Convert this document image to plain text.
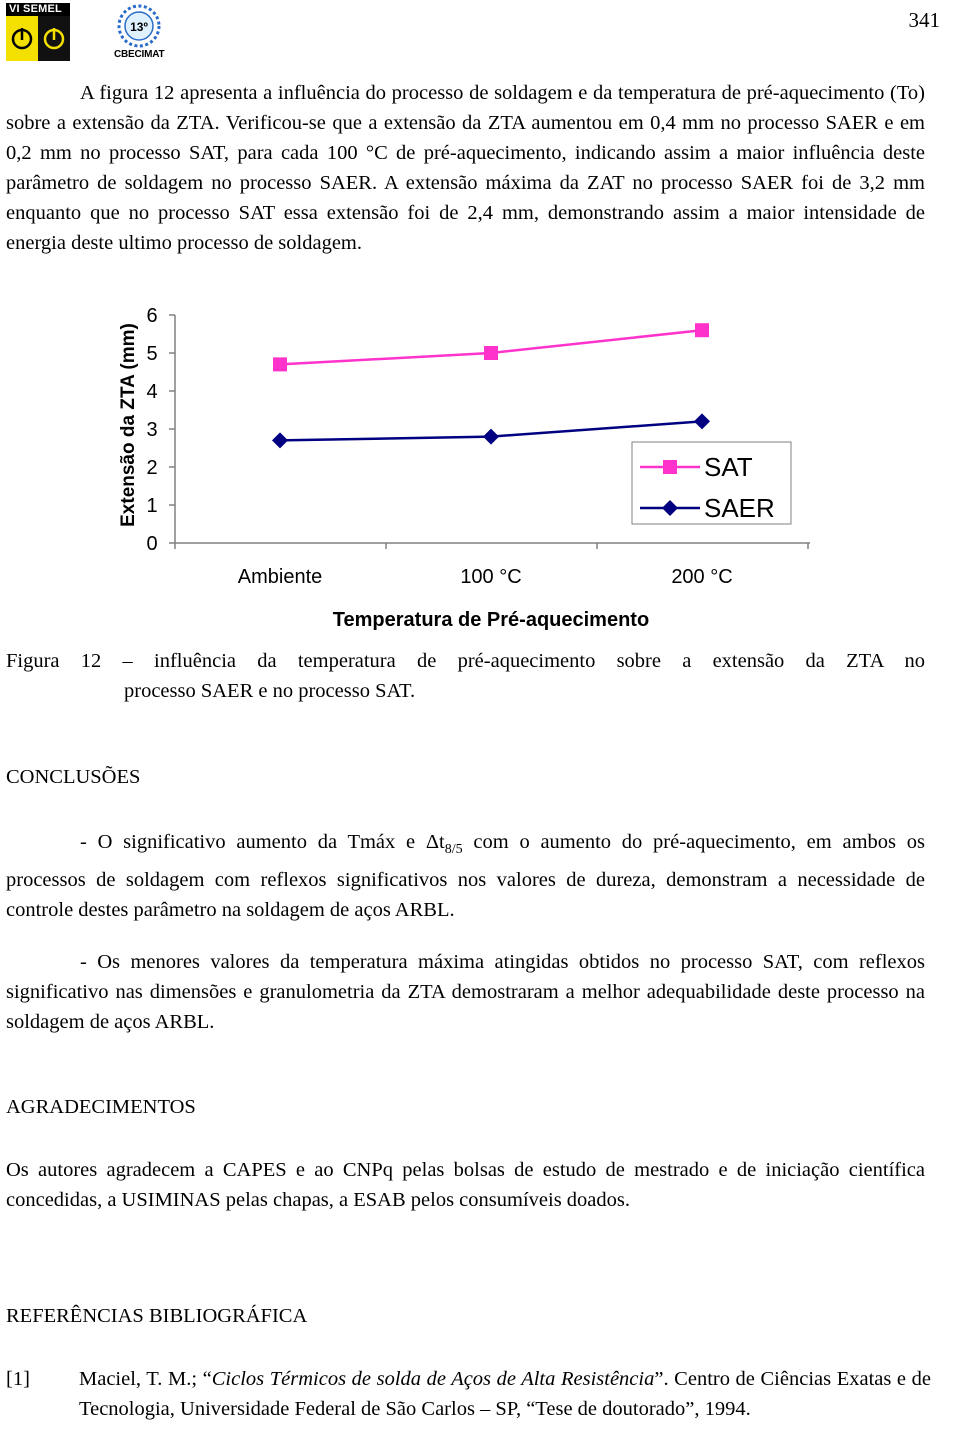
VI SEMEL
13º
CBECIMAT
341

A figura 12 apresenta a influência do processo de soldagem e da temperatura de pré-aquecimento (To) sobre a extensão da ZTA. Verificou-se que a extensão da ZTA aumentou em 0,4 mm no processo SAER e em 0,2 mm no processo SAT, para cada 100 °C de pré-aquecimento, indicando assim a maior influência deste parâmetro de soldagem no processo SAER. A extensão máxima da ZAT no processo SAER foi de 3,2 mm enquanto que no processo SAT essa extensão foi de 2,4 mm, demonstrando assim a maior intensidade de energia deste ultimo processo de soldagem.

Extensão da ZTA (mm)
0
1
2
3
4
5
6
Ambiente	100 °C	200 °C
Temperatura de Pré-aquecimento
SAT
SAER

Figura 12 – influência da temperatura de pré-aquecimento sobre a extensão da ZTA no
processo SAER e no processo SAT.

CONCLUSÕES

- O significativo aumento da Tmáx e $\Delta t_{8/5}$ com o aumento do pré-aquecimento, em ambos os processos de soldagem com reflexos significativos nos valores de dureza, demonstram a necessidade de controle destes parâmetro na soldagem de aços ARBL.

- Os menores valores da temperatura máxima atingidas obtidos no processo SAT, com reflexos significativo nas dimensões e granulometria da ZTA demostraram a melhor adequabilidade deste processo na soldagem de aços ARBL.

AGRADECIMENTOS

Os autores agradecem a CAPES e ao CNPq pelas bolsas de estudo de mestrado e de iniciação científica concedidas, a USIMINAS pelas chapas, a ESAB pelos consumíveis doados.

REFERÊNCIAS BIBLIOGRÁFICA
[1]	Maciel, T. M.; “Ciclos Térmicos de solda de Aços de Alta Resistência”. Centro de Ciências Exatas e de Tecnologia, Universidade Federal de São Carlos – SP, “Tese de doutorado”, 1994.
